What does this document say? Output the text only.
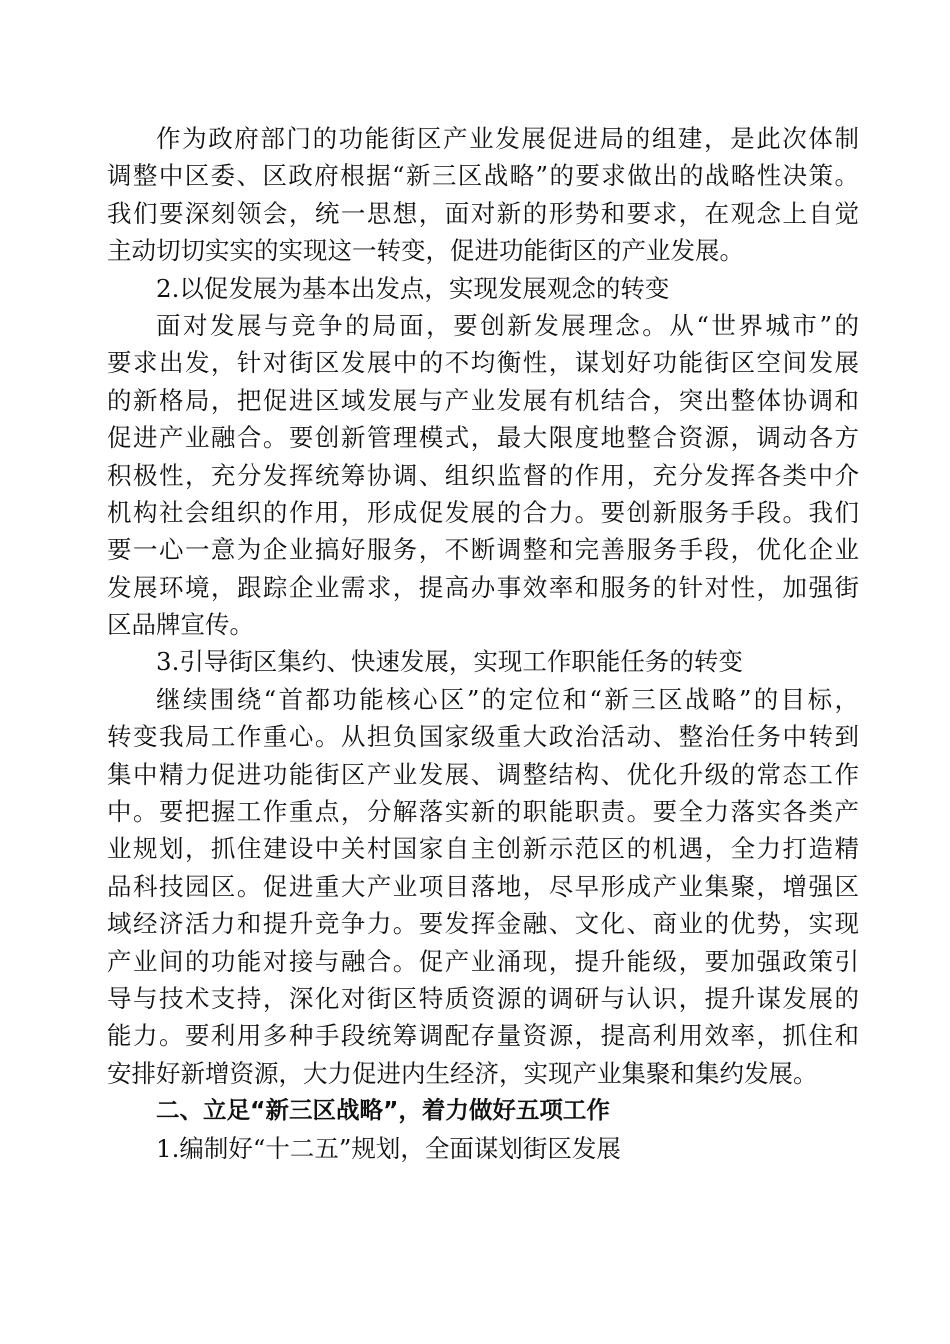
作为政府部门的功能街区产业发展促进局的组建，是此次体制
调整中区委、区政府根据“新三区战略”的要求做出的战略性决策。
我们要深刻领会，统一思想，面对新的形势和要求，在观念上自觉
主动切切实实的实现这一转变，促进功能街区的产业发展。
2.以促发展为基本出发点，实现发展观念的转变
面对发展与竞争的局面，要创新发展理念。从“世界城市”的
要求出发，针对街区发展中的不均衡性，谋划好功能街区空间发展
的新格局，把促进区域发展与产业发展有机结合，突出整体协调和
促进产业融合。要创新管理模式，最大限度地整合资源，调动各方
积极性，充分发挥统筹协调、组织监督的作用，充分发挥各类中介
机构社会组织的作用，形成促发展的合力。要创新服务手段。我们
要一心一意为企业搞好服务，不断调整和完善服务手段，优化企业
发展环境，跟踪企业需求，提高办事效率和服务的针对性，加强街
区品牌宣传。
3.引导街区集约、快速发展，实现工作职能任务的转变
继续围绕“首都功能核心区”的定位和“新三区战略”的目标，
转变我局工作重心。从担负国家级重大政治活动、整治任务中转到
集中精力促进功能街区产业发展、调整结构、优化升级的常态工作
中。要把握工作重点，分解落实新的职能职责。要全力落实各类产
业规划，抓住建设中关村国家自主创新示范区的机遇，全力打造精
品科技园区。促进重大产业项目落地，尽早形成产业集聚，增强区
域经济活力和提升竞争力。要发挥金融、文化、商业的优势，实现
产业间的功能对接与融合。促产业涌现，提升能级，要加强政策引
导与技术支持，深化对街区特质资源的调研与认识，提升谋发展的
能力。要利用多种手段统筹调配存量资源，提高利用效率，抓住和
安排好新增资源，大力促进内生经济，实现产业集聚和集约发展。
二、立足“新三区战略”，着力做好五项工作
1.编制好“十二五”规划，全面谋划街区发展
